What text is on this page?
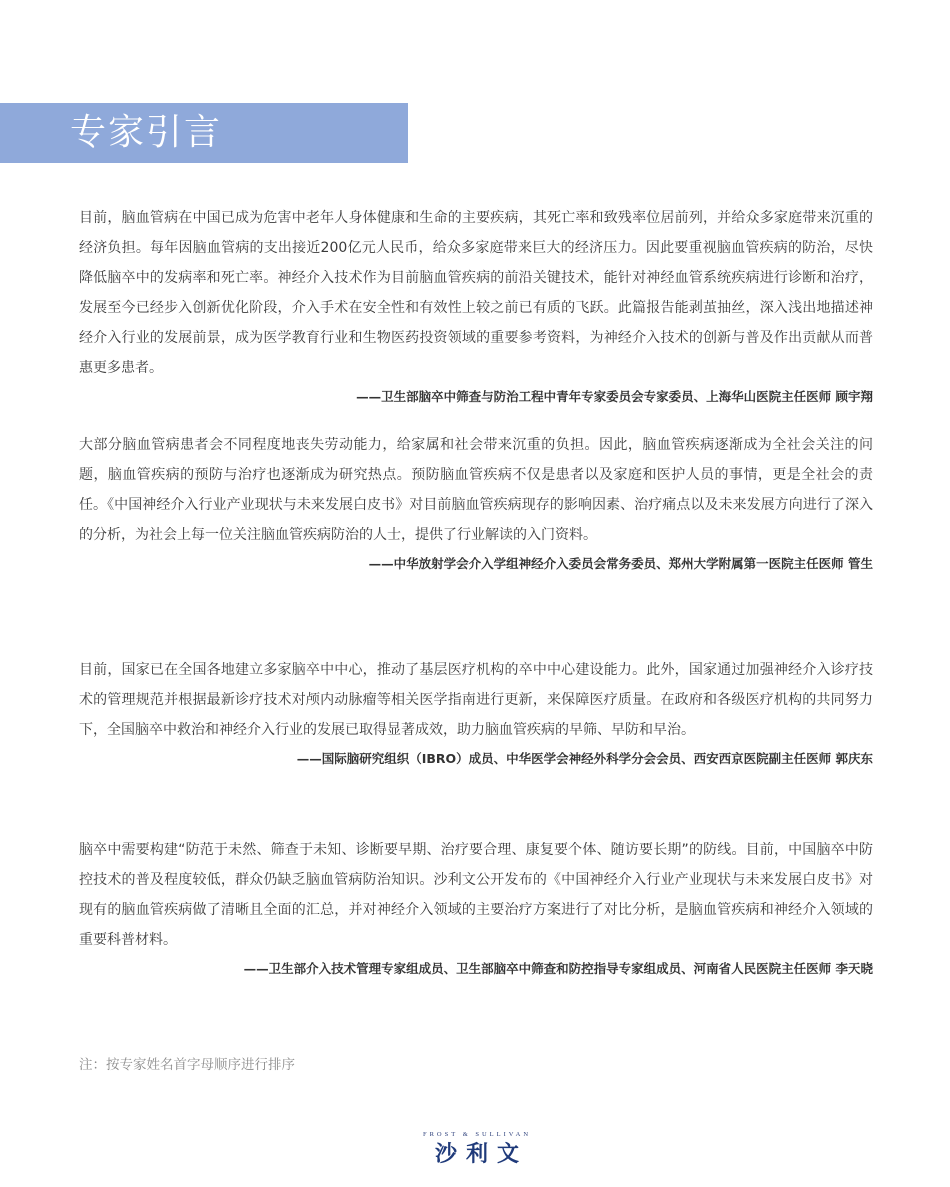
专家引言

目前，脑血管病在中国已成为危害中老年人身体健康和生命的主要疾病，其死亡率和致残率位居前列，并给众多家庭带来沉重的经济负担。每年因脑血管病的支出接近200亿元人民币，给众多家庭带来巨大的经济压力。因此要重视脑血管疾病的防治，尽快降低脑卒中的发病率和死亡率。神经介入技术作为目前脑血管疾病的前沿关键技术，能针对神经血管系统疾病进行诊断和治疗，发展至今已经步入创新优化阶段，介入手术在安全性和有效性上较之前已有质的飞跃。此篇报告能剥茧抽丝，深入浅出地描述神经介入行业的发展前景，成为医学教育行业和生物医药投资领域的重要参考资料，为神经介入技术的创新与普及作出贡献从而普惠更多患者。

——卫生部脑卒中筛查与防治工程中青年专家委员会专家委员、上海华山医院主任医师 顾宇翔

大部分脑血管病患者会不同程度地丧失劳动能力，给家属和社会带来沉重的负担。因此，脑血管疾病逐渐成为全社会关注的问题，脑血管疾病的预防与治疗也逐渐成为研究热点。预防脑血管疾病不仅是患者以及家庭和医护人员的事情，更是全社会的责任。《中国神经介入行业产业现状与未来发展白皮书》对目前脑血管疾病现存的影响因素、治疗痛点以及未来发展方向进行了深入的分析，为社会上每一位关注脑血管疾病防治的人士，提供了行业解读的入门资料。

——中华放射学会介入学组神经介入委员会常务委员、郑州大学附属第一医院主任医师 管生

目前，国家已在全国各地建立多家脑卒中中心，推动了基层医疗机构的卒中中心建设能力。此外，国家通过加强神经介入诊疗技术的管理规范并根据最新诊疗技术对颅内动脉瘤等相关医学指南进行更新，来保障医疗质量。在政府和各级医疗机构的共同努力下，全国脑卒中救治和神经介入行业的发展已取得显著成效，助力脑血管疾病的早筛、早防和早治。

——国际脑研究组织（IBRO）成员、中华医学会神经外科学分会会员、西安西京医院副主任医师 郭庆东

脑卒中需要构建“防范于未然、筛查于未知、诊断要早期、治疗要合理、康复要个体、随访要长期”的防线。目前，中国脑卒中防控技术的普及程度较低，群众仍缺乏脑血管病防治知识。沙利文公开发布的《中国神经介入行业产业现状与未来发展白皮书》对现有的脑血管疾病做了清晰且全面的汇总，并对神经介入领域的主要治疗方案进行了对比分析，是脑血管疾病和神经介入领域的重要科普材料。

——卫生部介入技术管理专家组成员、卫生部脑卒中筛查和防控指导专家组成员、河南省人民医院主任医师 李天晓

注：按专家姓名首字母顺序进行排序
FROST & SULLIVAN
沙利文
